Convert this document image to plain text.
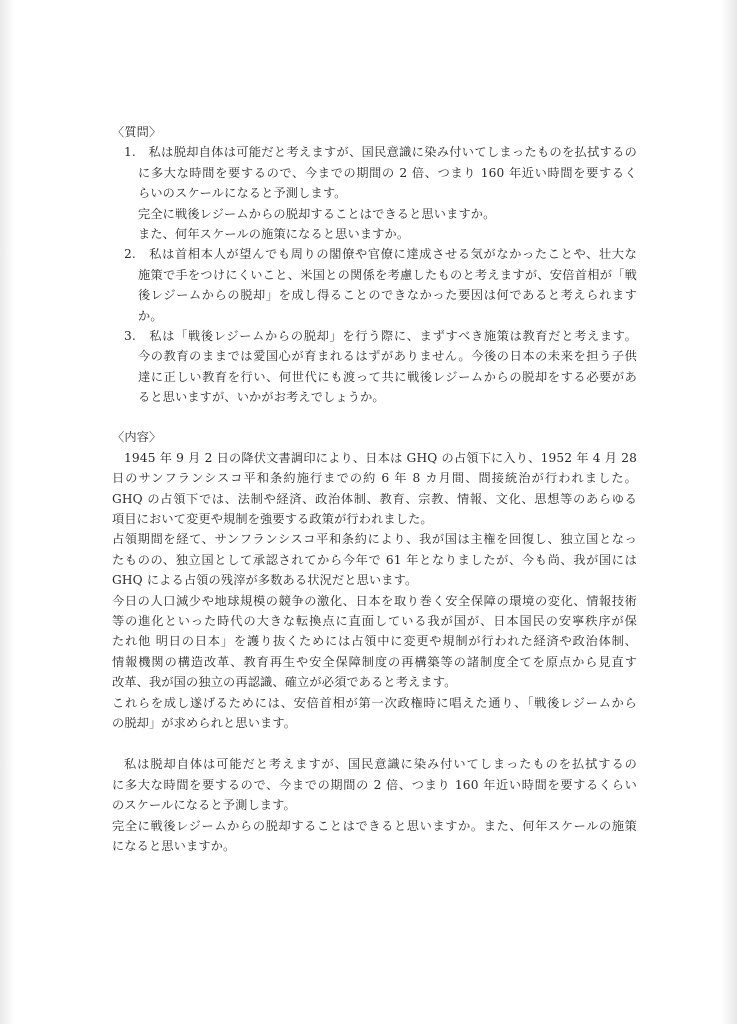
〈質問〉
1.　私は脱却自体は可能だと考えますが、国民意識に染み付いてしまったものを払拭するの
に多大な時間を要するので、今までの期間の 2 倍、つまり 160 年近い時間を要するく
らいのスケールになると予測します。
完全に戦後レジームからの脱却することはできると思いますか。
また、何年スケールの施策になると思いますか。
2.　私は首相本人が望んでも周りの閣僚や官僚に達成させる気がなかったことや、壮大な
施策で手をつけにくいこと、米国との関係を考慮したものと考えますが、安倍首相が「戦
後レジームからの脱却」を成し得ることのできなかった要因は何であると考えられます
か。
3.　私は「戦後レジームからの脱却」を行う際に、まずすべき施策は教育だと考えます。
今の教育のままでは愛国心が育まれるはずがありません。今後の日本の未来を担う子供
達に正しい教育を行い、何世代にも渡って共に戦後レジームからの脱却をする必要があ
ると思いますが、いかがお考えでしょうか。
〈内容〉
1945 年 9 月 2 日の降伏文書調印により、日本は GHQ の占領下に入り、1952 年 4 月 28
日のサンフランシスコ平和条約施行までの約 6 年 8 カ月間、間接統治が行われました。
GHQ の占領下では、法制や経済、政治体制、教育、宗教、情報、文化、思想等のあらゆる
項目において変更や規制を強要する政策が行われました。
占領期間を経て、サンフランシスコ平和条約により、我が国は主権を回復し、独立国となっ
たものの、独立国として承認されてから今年で 61 年となりましたが、今も尚、我が国には
GHQ による占領の残滓が多数ある状況だと思います。
今日の人口減少や地球規模の競争の激化、日本を取り巻く安全保障の環境の変化、情報技術
等の進化といった時代の大きな転換点に直面している我が国が、日本国民の安寧秩序が保
たれ他 明日の日本」を護り抜くためには占領中に変更や規制が行われた経済や政治体制、
情報機関の構造改革、教育再生や安全保障制度の再構築等の諸制度全てを原点から見直す
改革、我が国の独立の再認識、確立が必須であると考えます。
これらを成し遂げるためには、安倍首相が第一次政権時に唱えた通り、「戦後レジームから
の脱却」が求められと思います。
私は脱却自体は可能だと考えますが、国民意識に染み付いてしまったものを払拭するの
に多大な時間を要するので、今までの期間の 2 倍、つまり 160 年近い時間を要するくらい
のスケールになると予測します。
完全に戦後レジームからの脱却することはできると思いますか。また、何年スケールの施策
になると思いますか。
